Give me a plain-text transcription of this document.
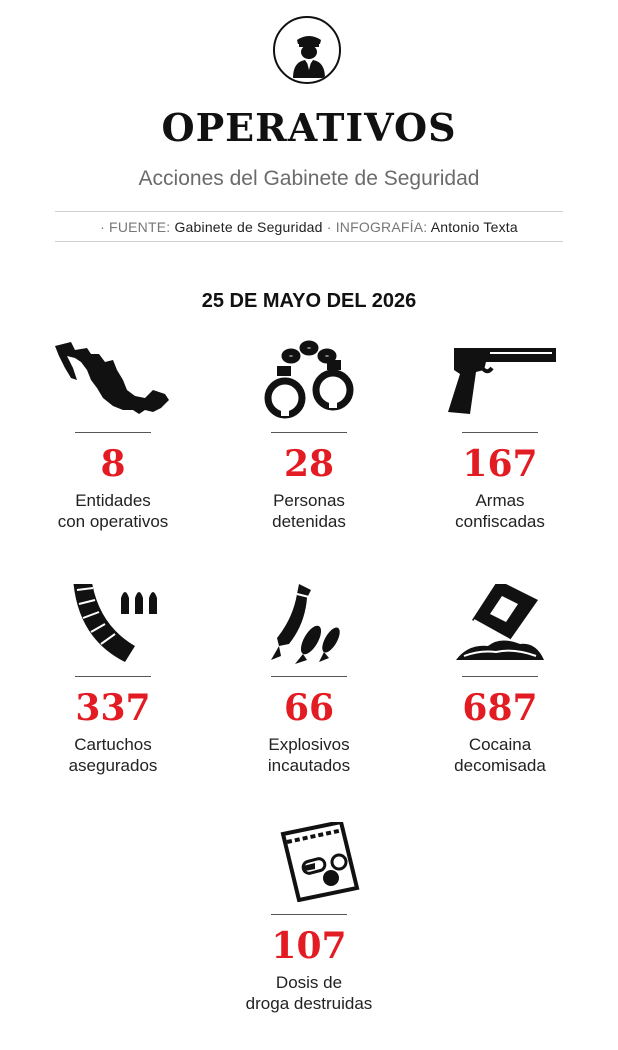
OPERATIVOS
Acciones del Gabinete de Seguridad
· FUENTE: Gabinete de Seguridad · INFOGRAFÍA: Antonio Texta
25 DE MAYO DEL 2026
8
Entidades
con operativos
28
Personas
detenidas
167
Armas
confiscadas
337
Cartuchos
asegurados
66
Explosivos
incautados
687
Cocaina
decomisada
107
Dosis de
droga destruidas
